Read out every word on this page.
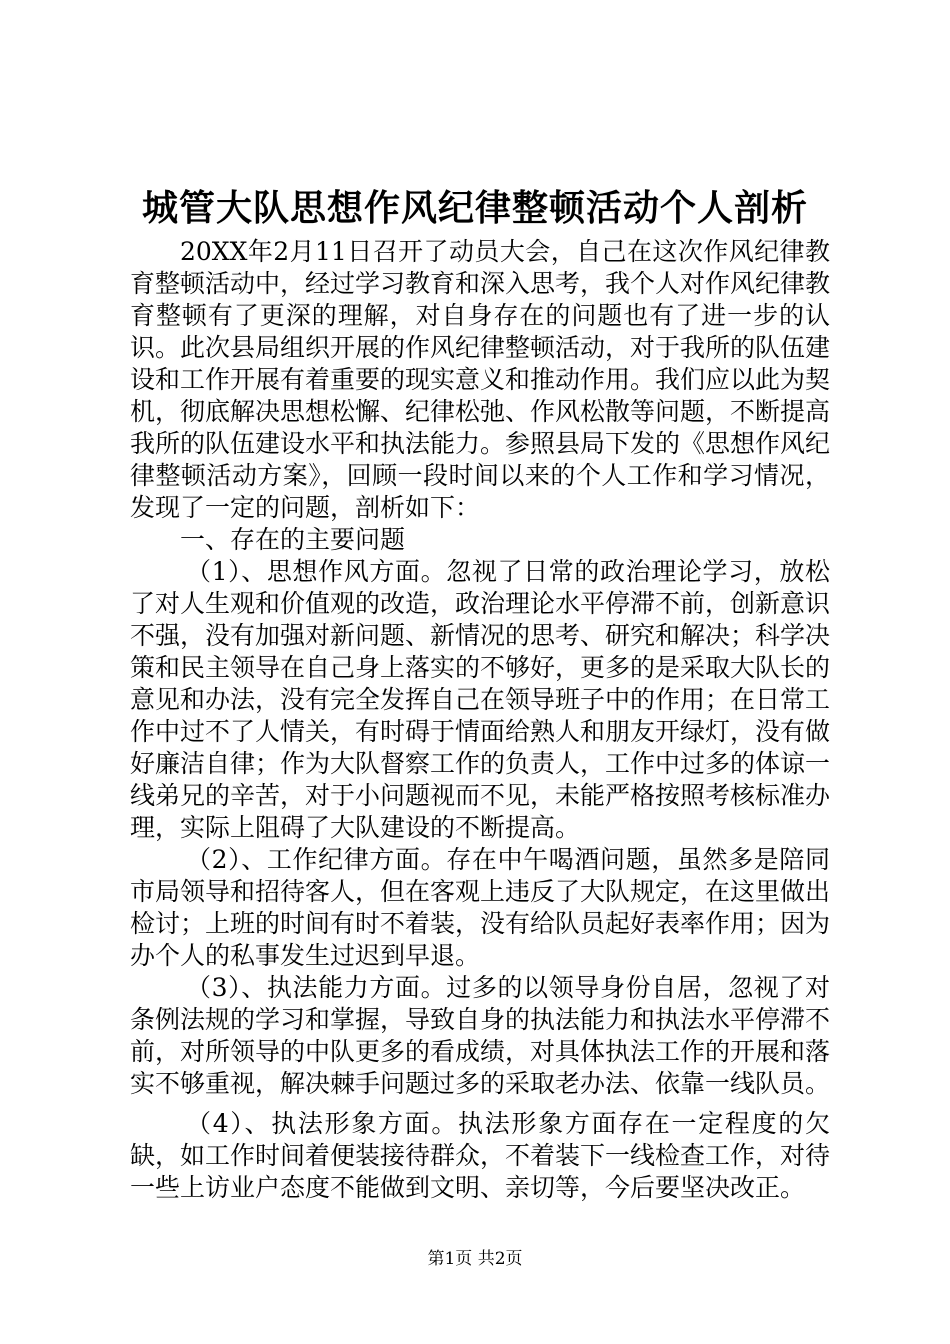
城管大队思想作风纪律整顿活动个人剖析

20XX年2月11日召开了动员大会，自己在这次作风纪律教育整顿活动中，经过学习教育和深入思考，我个人对作风纪律教育整顿有了更深的理解，对自身存在的问题也有了进一步的认识。此次县局组织开展的作风纪律整顿活动，对于我所的队伍建设和工作开展有着重要的现实意义和推动作用。我们应以此为契机，彻底解决思想松懈、纪律松弛、作风松散等问题，不断提高我所的队伍建设水平和执法能力。参照县局下发的《思想作风纪律整顿活动方案》，回顾一段时间以来的个人工作和学习情况，发现了一定的问题，剖析如下：

一、存在的主要问题

（1）、思想作风方面。忽视了日常的政治理论学习，放松了对人生观和价值观的改造，政治理论水平停滞不前，创新意识不强，没有加强对新问题、新情况的思考、研究和解决；科学决策和民主领导在自己身上落实的不够好，更多的是采取大队长的意见和办法，没有完全发挥自己在领导班子中的作用；在日常工作中过不了人情关，有时碍于情面给熟人和朋友开绿灯，没有做好廉洁自律；作为大队督察工作的负责人，工作中过多的体谅一线弟兄的辛苦，对于小问题视而不见，未能严格按照考核标准办理，实际上阻碍了大队建设的不断提高。

（2）、工作纪律方面。存在中午喝酒问题，虽然多是陪同市局领导和招待客人，但在客观上违反了大队规定，在这里做出检讨；上班的时间有时不着装，没有给队员起好表率作用；因为办个人的私事发生过迟到早退。

（3）、执法能力方面。过多的以领导身份自居，忽视了对条例法规的学习和掌握，导致自身的执法能力和执法水平停滞不前，对所领导的中队更多的看成绩，对具体执法工作的开展和落实不够重视，解决棘手问题过多的采取老办法、依靠一线队员。

（4）、执法形象方面。执法形象方面存在一定程度的欠缺，如工作时间着便装接待群众，不着装下一线检查工作，对待一些上访业户态度不能做到文明、亲切等，今后要坚决改正。

第1页 共2页
